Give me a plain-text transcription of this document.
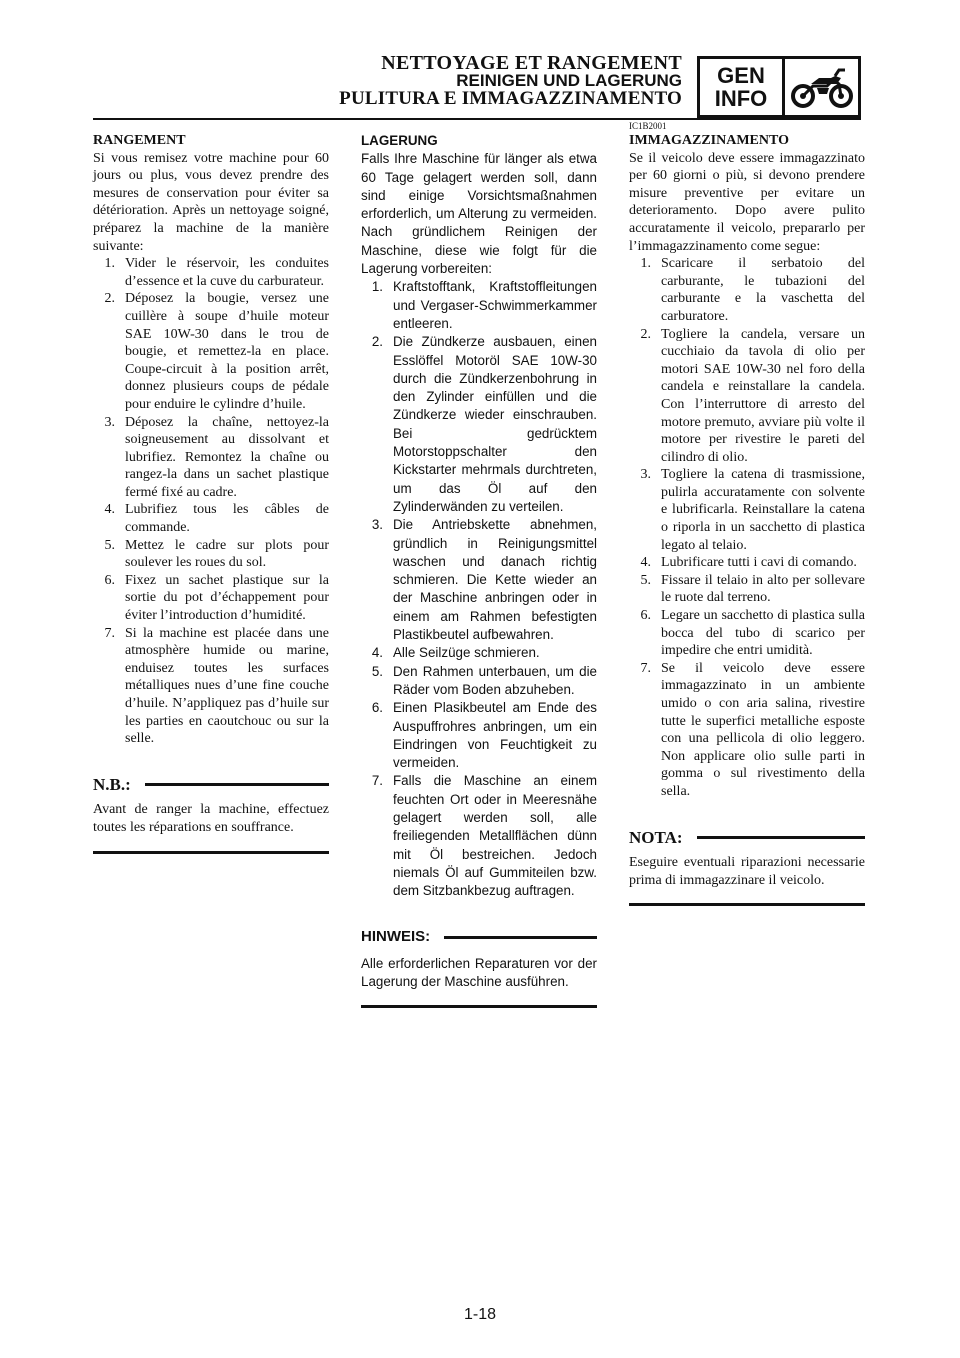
NETTOYAGE ET RANGEMENT
REINIGEN UND LAGERUNG
PULITURA E IMMAGAZZINAMENTO
GEN
INFO
IC1B2001
RANGEMENT
Si vous remisez votre machine pour 60 jours ou plus, vous devez prendre des mesures de conservation pour éviter sa détérioration. Après un nettoyage soigné, préparez la machine de la manière suivante:
1. Vider le réservoir, les conduites d’essence et la cuve du carburateur.
2. Déposez la bougie, versez une cuillère à soupe d’huile moteur SAE 10W-30 dans le trou de bougie, et remettez-la en place. Coupe-circuit à la position arrêt, donnez plusieurs coups de pédale pour enduire le cylindre d’huile.
3. Déposez la chaîne, nettoyez-la soigneusement au dissolvant et lubrifiez. Remontez la chaîne ou rangez-la dans un sachet plastique fermé fixé au cadre.
4. Lubrifiez tous les câbles de commande.
5. Mettez le cadre sur plots pour soulever les roues du sol.
6. Fixez un sachet plastique sur la sortie du pot d’échappement pour éviter l’introduction d’humidité.
7. Si la machine est placée dans une atmosphère humide ou marine, enduisez toutes les surfaces métalliques nues d’une fine couche d’huile. N’appliquez pas d’huile sur les parties en caoutchouc ou sur la selle.
N.B.:
Avant de ranger la machine, effectuez toutes les réparations en souffrance.
LAGERUNG
Falls Ihre Maschine für länger als etwa 60 Tage gelagert werden soll, dann sind einige Vorsichtsmaßnahmen erforderlich, um Alterung zu vermeiden. Nach gründlichem Reinigen der Maschine, diese wie folgt für die Lagerung vorbereiten:
1. Kraftstofftank, Kraftstoffleitungen und Vergaser-Schwimmerkammer entleeren.
2. Die Zündkerze ausbauen, einen Esslöffel Motoröl SAE 10W-30 durch die Zündkerzenbohrung in den Zylinder einfüllen und die Zündkerze wieder einschrauben. Bei gedrücktem Motorstoppschalter den Kickstarter mehrmals durchtreten, um das Öl auf den Zylinderwänden zu verteilen.
3. Die Antriebskette abnehmen, gründlich in Reinigungsmittel waschen und danach richtig schmieren. Die Kette wieder an der Maschine anbringen oder in einem am Rahmen befestigten Plastikbeutel aufbewahren.
4. Alle Seilzüge schmieren.
5. Den Rahmen unterbauen, um die Räder vom Boden abzuheben.
6. Einen Plasikbeutel am Ende des Auspuffrohres anbringen, um ein Eindringen von Feuchtigkeit zu vermeiden.
7. Falls die Maschine an einem feuchten Ort oder in Meeresnähe gelagert werden soll, alle freiliegenden Metallflächen dünn mit Öl bestreichen. Jedoch niemals Öl auf Gummiteilen bzw. dem Sitzbankbezug auftragen.
HINWEIS:
Alle erforderlichen Reparaturen vor der Lagerung der Maschine ausführen.
IMMAGAZZINAMENTO
Se il veicolo deve essere immagazzinato per 60 giorni o più, si devono prendere misure preventive per evitare un deterioramento. Dopo avere pulito accuratamente il veicolo, prepararlo per l’immagazzinamento come segue:
1. Scaricare il serbatoio del carburante, le tubazioni del carburante e la vaschetta del carburatore.
2. Togliere la candela, versare un cucchiaio da tavola di olio per motori SAE 10W-30 nel foro della candela e reinstallare la candela. Con l’interruttore di arresto del motore premuto, avviare più volte il motore per rivestire le pareti del cilindro di olio.
3. Togliere la catena di trasmissione, pulirla accuratamente con solvente e lubrificarla. Reinstallare la catena o riporla in un sacchetto di plastica legato al telaio.
4. Lubrificare tutti i cavi di comando.
5. Fissare il telaio in alto per sollevare le ruote dal terreno.
6. Legare un sacchetto di plastica sulla bocca del tubo di scarico per impedire che entri umidità.
7. Se il veicolo deve essere immagazzinato in un ambiente umido o con aria salina, rivestire tutte le superfici metalliche esposte con una pellicola di olio leggero. Non applicare olio sulle parti in gomma o sul rivestimento della sella.
NOTA:
Eseguire eventuali riparazioni necessarie prima di immagazzinare il veicolo.
1-18
